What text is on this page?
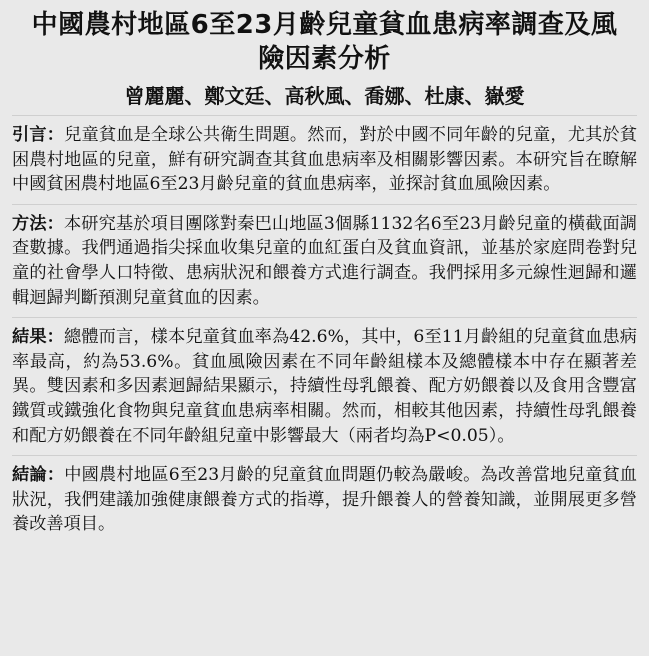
中國農村地區6至23月齡兒童貧血患病率調查及風險因素分析
曾麗麗、鄭文廷、高秋風、喬娜、杜康、嶽愛

引言：兒童貧血是全球公共衛生問題。然而，對於中國不同年齡的兒童，尤其於貧困農村地區的兒童，鮮有研究調查其貧血患病率及相關影響因素。本研究旨在瞭解中國貧困農村地區6至23月齡兒童的貧血患病率，並探討貧血風險因素。

方法：本研究基於項目團隊對秦巴山地區3個縣1132名6至23月齡兒童的橫截面調查數據。我們通過指尖採血收集兒童的血紅蛋白及貧血資訊，並基於家庭問卷對兒童的社會學人口特徵、患病狀況和餵養方式進行調查。我們採用多元線性迴歸和邏輯迴歸判斷預測兒童貧血的因素。

結果：總體而言，樣本兒童貧血率為42.6%，其中，6至11月齡組的兒童貧血患病率最高，約為53.6%。貧血風險因素在不同年齡組樣本及總體樣本中存在顯著差異。雙因素和多因素迴歸結果顯示，持續性母乳餵養、配方奶餵養以及食用含豐富鐵質或鐵強化食物與兒童貧血患病率相關。然而，相較其他因素，持續性母乳餵養和配方奶餵養在不同年齡組兒童中影響最大（兩者均為P<0.05）。

結論：中國農村地區6至23月齡的兒童貧血問題仍較為嚴峻。為改善當地兒童貧血狀況，我們建議加強健康餵養方式的指導，提升餵養人的營養知識，並開展更多營養改善項目。
